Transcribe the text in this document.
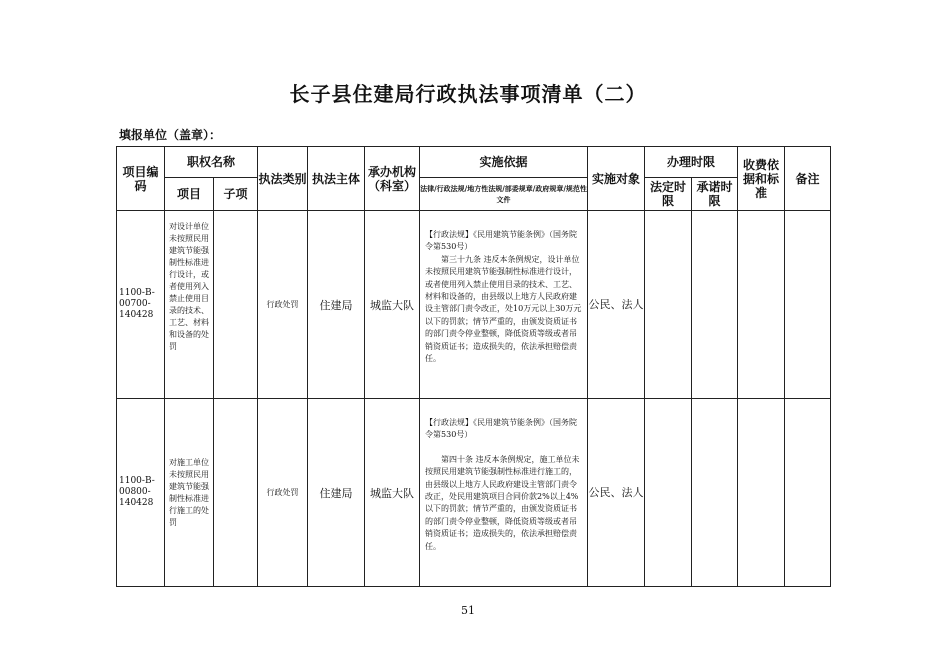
长子县住建局行政执法事项清单（二）
填报单位（盖章）：
项目编码	职权名称		执法类别	执法主体	承办机构（科室）	实施依据	实施对象	办理时限		收费依据和标准	备注
	项目	子项				法律/行政法规/地方性法规/部委规章/政府规章/规范性文件		法定时限	承诺时限		
1100-B-00700-140428	对设计单位未按照民用建筑节能强制性标准进行设计，或者使用列入禁止使用目录的技术、工艺、材料和设备的处罚		行政处罚	住建局	城监大队	【行政法规】《民用建筑节能条例》（国务院令第530号）

第三十九条 违反本条例规定，设计单位未按照民用建筑节能强制性标准进行设计，或者使用列入禁止使用目录的技术、工艺、材料和设备的，由县级以上地方人民政府建设主管部门责令改正，处10万元以上30万元以下的罚款；情节严重的，由颁发资质证书的部门责令停业整顿，降低资质等级或者吊销资质证书；造成损失的，依法承担赔偿责任。	公民、法人				
1100-B-00800-140428	对施工单位未按照民用建筑节能强制性标准进行施工的处罚		行政处罚	住建局	城监大队	【行政法规】《民用建筑节能条例》（国务院令第530号）

第四十条 违反本条例规定，施工单位未按照民用建筑节能强制性标准进行施工的，由县级以上地方人民政府建设主管部门责令改正，处民用建筑项目合同价款2%以上4%以下的罚款；情节严重的，由颁发资质证书的部门责令停业整顿，降低资质等级或者吊销资质证书；造成损失的，依法承担赔偿责任。	公民、法人				
51
